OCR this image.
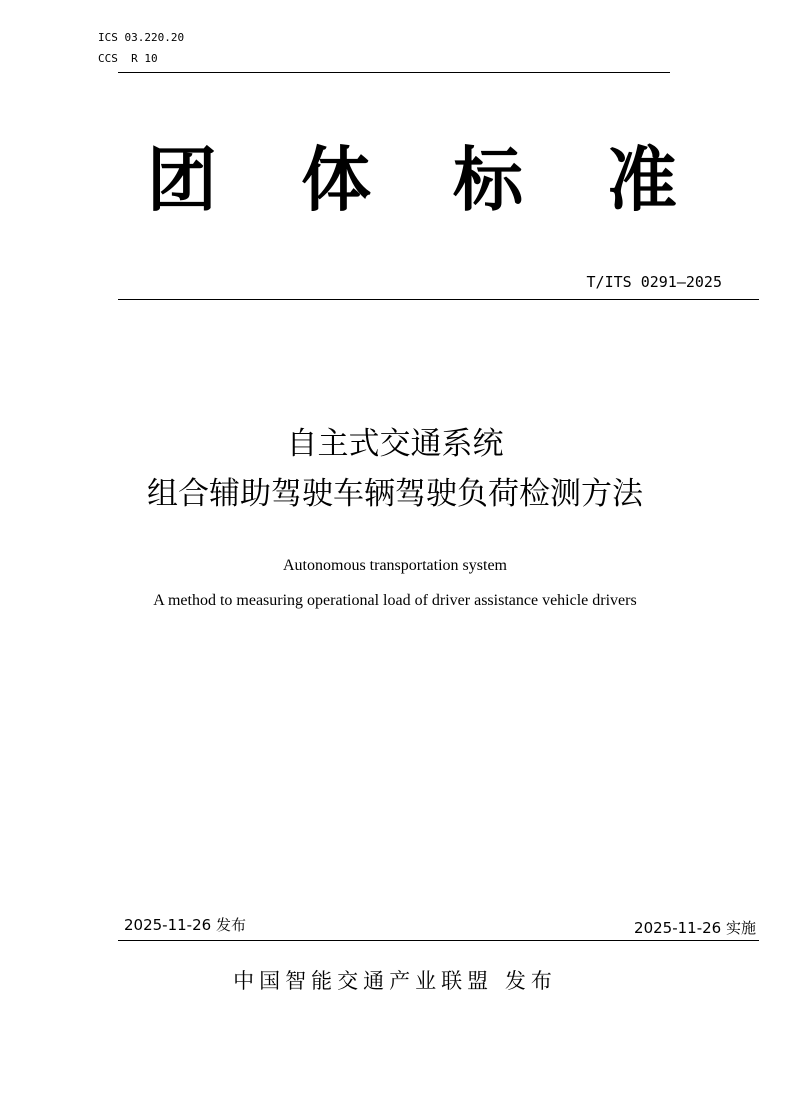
ICS 03.220.20
CCS  R 10
团 体 标 准
T/ITS 0291—2025
自主式交通系统
组合辅助驾驶车辆驾驶负荷检测方法
Autonomous transportation system
A method to measuring operational load of driver assistance vehicle drivers
2025-11-26 发布	2025-11-26 实施
中国智能交通产业联盟 发布
